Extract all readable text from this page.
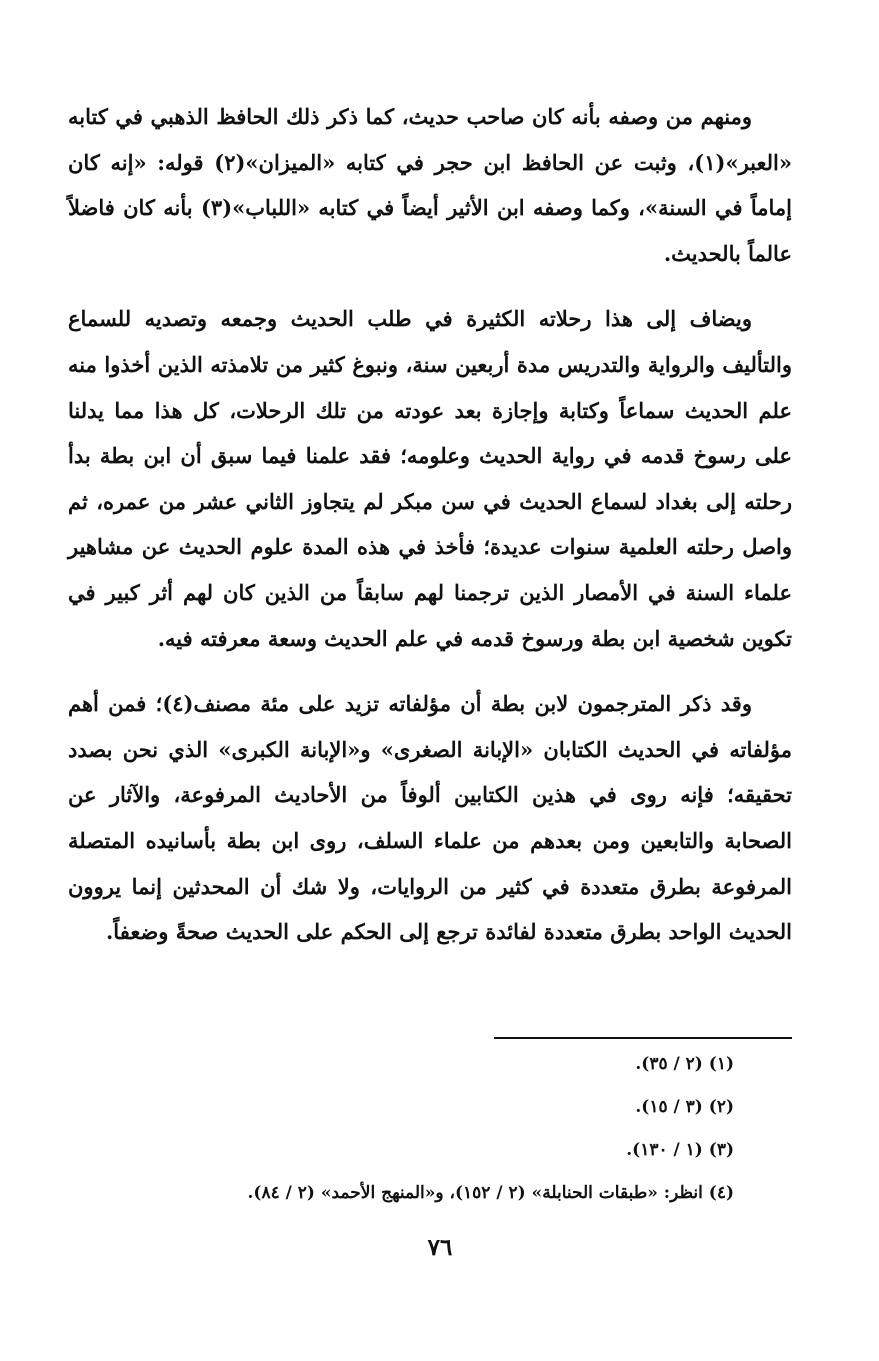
ومنهم من وصفه بأنه كان صاحب حديث، كما ذكر ذلك الحافظ الذهبي في كتابه «العبر»(١)، وثبت عن الحافظ ابن حجر في كتابه «الميزان»(٢) قوله: «إنه كان إماماً في السنة»، وكما وصفه ابن الأثير أيضاً في كتابه «اللباب»(٣) بأنه كان فاضلاً عالماً بالحديث.

ويضاف إلى هذا رحلاته الكثيرة في طلب الحديث وجمعه وتصديه للسماع والتأليف والرواية والتدريس مدة أربعين سنة، ونبوغ كثير من تلامذته الذين أخذوا منه علم الحديث سماعاً وكتابة وإجازة بعد عودته من تلك الرحلات، كل هذا مما يدلنا على رسوخ قدمه في رواية الحديث وعلومه؛ فقد علمنا فيما سبق أن ابن بطة بدأ رحلته إلى بغداد لسماع الحديث في سن مبكر لم يتجاوز الثاني عشر من عمره، ثم واصل رحلته العلمية سنوات عديدة؛ فأخذ في هذه المدة علوم الحديث عن مشاهير علماء السنة في الأمصار الذين ترجمنا لهم سابقاً من الذين كان لهم أثر كبير في تكوين شخصية ابن بطة ورسوخ قدمه في علم الحديث وسعة معرفته فيه.

وقد ذكر المترجمون لابن بطة أن مؤلفاته تزيد على مئة مصنف(٤)؛ فمن أهم مؤلفاته في الحديث الكتابان «الإبانة الصغرى» و«الإبانة الكبرى» الذي نحن بصدد تحقيقه؛ فإنه روى في هذين الكتابين ألوفاً من الأحاديث المرفوعة، والآثار عن الصحابة والتابعين ومن بعدهم من علماء السلف، روى ابن بطة بأسانيده المتصلة المرفوعة بطرق متعددة في كثير من الروايات، ولا شك أن المحدثين إنما يروون الحديث الواحد بطرق متعددة لفائدة ترجع إلى الحكم على الحديث صحةً وضعفاً.

(١) (٢ / ٣٥).

(٢) (٣ / ١٥).

(٣) (١ / ١٣٠).

(٤) انظر: «طبقات الحنابلة» (٢ / ١٥٢)، و«المنهج الأحمد» (٢ / ٨٤).

٧٦
